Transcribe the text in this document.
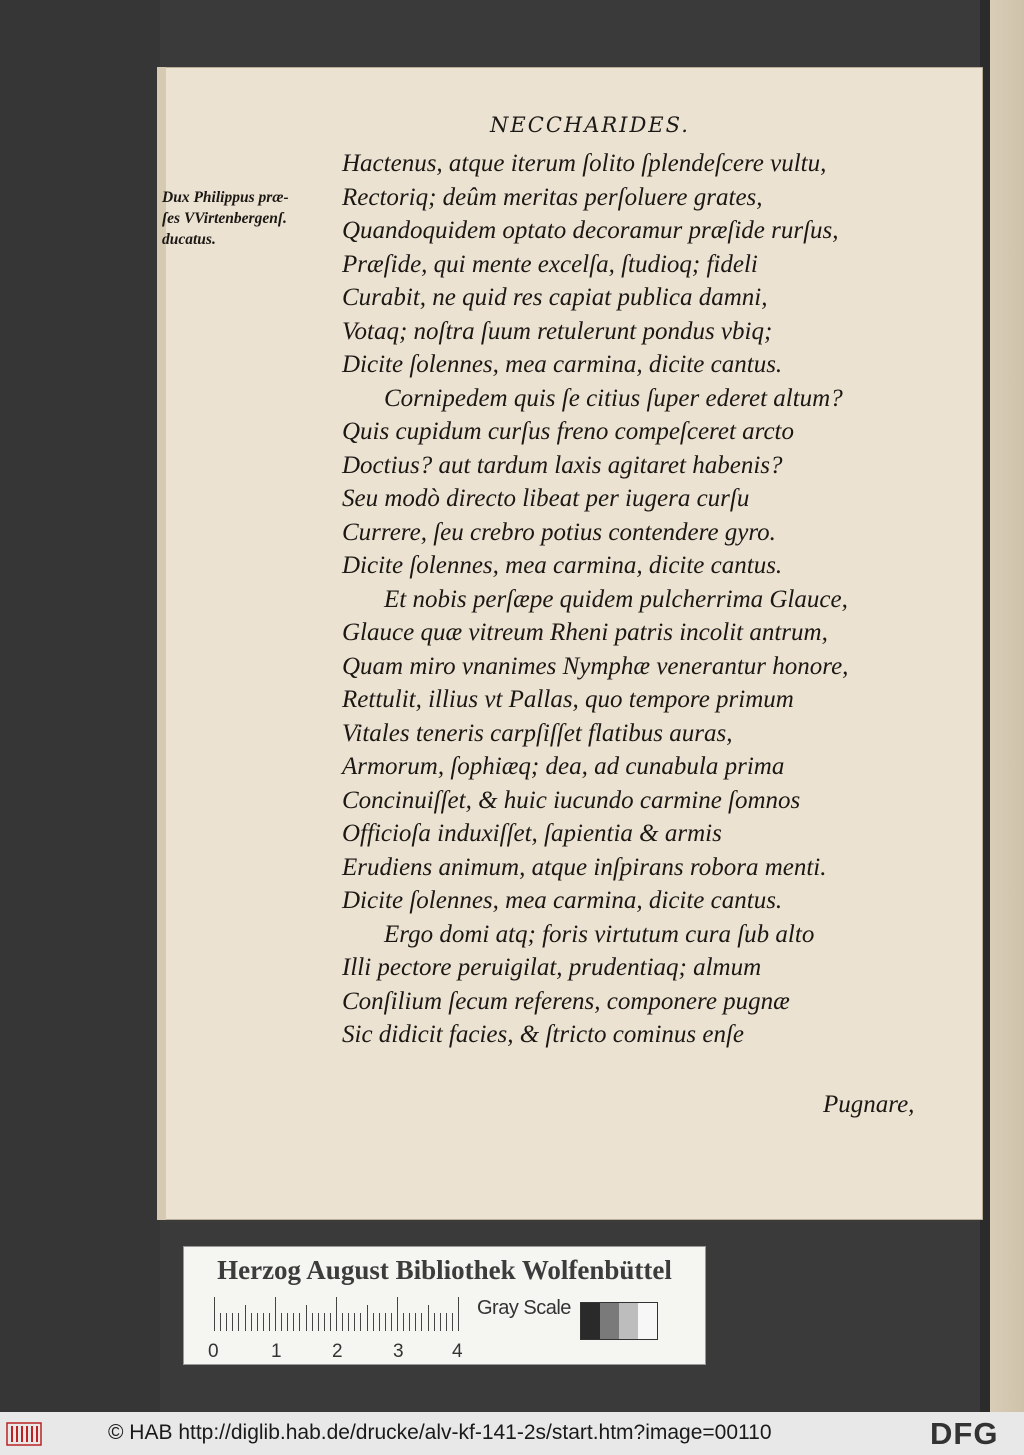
NECCHARIDES.
Dux Philippus præ-
ſes VVirtenbergenſ.
ducatus.
Hactenus, atque iterum ſolito ſplendeſcere vultu,
Rectoriq; deûm meritas perſoluere grates,
Quandoquidem optato decoramur præſide rurſus,
Præſide, qui mente excelſa, ſtudioq; fideli
Curabit, ne quid res capiat publica damni,
Votaq; noſtra ſuum retulerunt pondus vbiq;
Dicite ſolennes, mea carmina, dicite cantus.
Cornipedem quis ſe citius ſuper ederet altum?
Quis cupidum curſus freno compeſceret arcto
Doctius? aut tardum laxis agitaret habenis?
Seu modò directo libeat per iugera curſu
Currere, ſeu crebro potius contendere gyro.
Dicite ſolennes, mea carmina, dicite cantus.
Et nobis perſæpe quidem pulcherrima Glauce,
Glauce quæ vitreum Rheni patris incolit antrum,
Quam miro vnanimes Nymphæ venerantur honore,
Rettulit, illius vt Pallas, quo tempore primum
Vitales teneris carpſiſſet flatibus auras,
Armorum, ſophiæq; dea, ad cunabula prima
Concinuiſſet, & huic iucundo carmine ſomnos
Officioſa induxiſſet, ſapientia & armis
Erudiens animum, atque inſpirans robora menti.
Dicite ſolennes, mea carmina, dicite cantus.
Ergo domi atq; foris virtutum cura ſub alto
Illi pectore peruigilat, prudentiaq; almum
Conſilium ſecum referens, componere pugnæ
Sic didicit facies, & ſtricto cominus enſe
Pugnare,
Herzog August Bibliothek Wolfenbüttel
0	1	2	3	4
Gray Scale
© HAB http://diglib.hab.de/drucke/alv-kf-141-2s/start.htm?image=00110	DFG
